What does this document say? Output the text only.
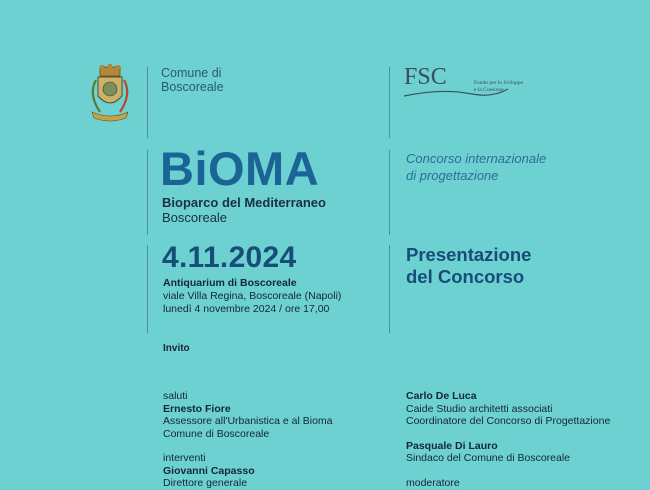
Comune di
Boscoreale	FSC	Fondo per lo Sviluppo
e la Coesione
BiOMA
Bioparco del Mediterraneo
Boscoreale
Concorso internazionale
di progettazione
4.11.2024
Antiquarium di Boscoreale
viale Villa Regina, Boscoreale (Napoli)
lunedì 4 novembre 2024 / ore 17,00
Presentazione
del Concorso
Invito
saluti
Ernesto Fiore
Assessore all'Urbanistica e al Bioma
Comune di Boscoreale
interventi
Giovanni Capasso
Direttore generale
Carlo De Luca
Caide Studio architetti associati
Coordinatore del Concorso di Progettazione
Pasquale Di Lauro
Sindaco del Comune di Boscoreale
moderatore
